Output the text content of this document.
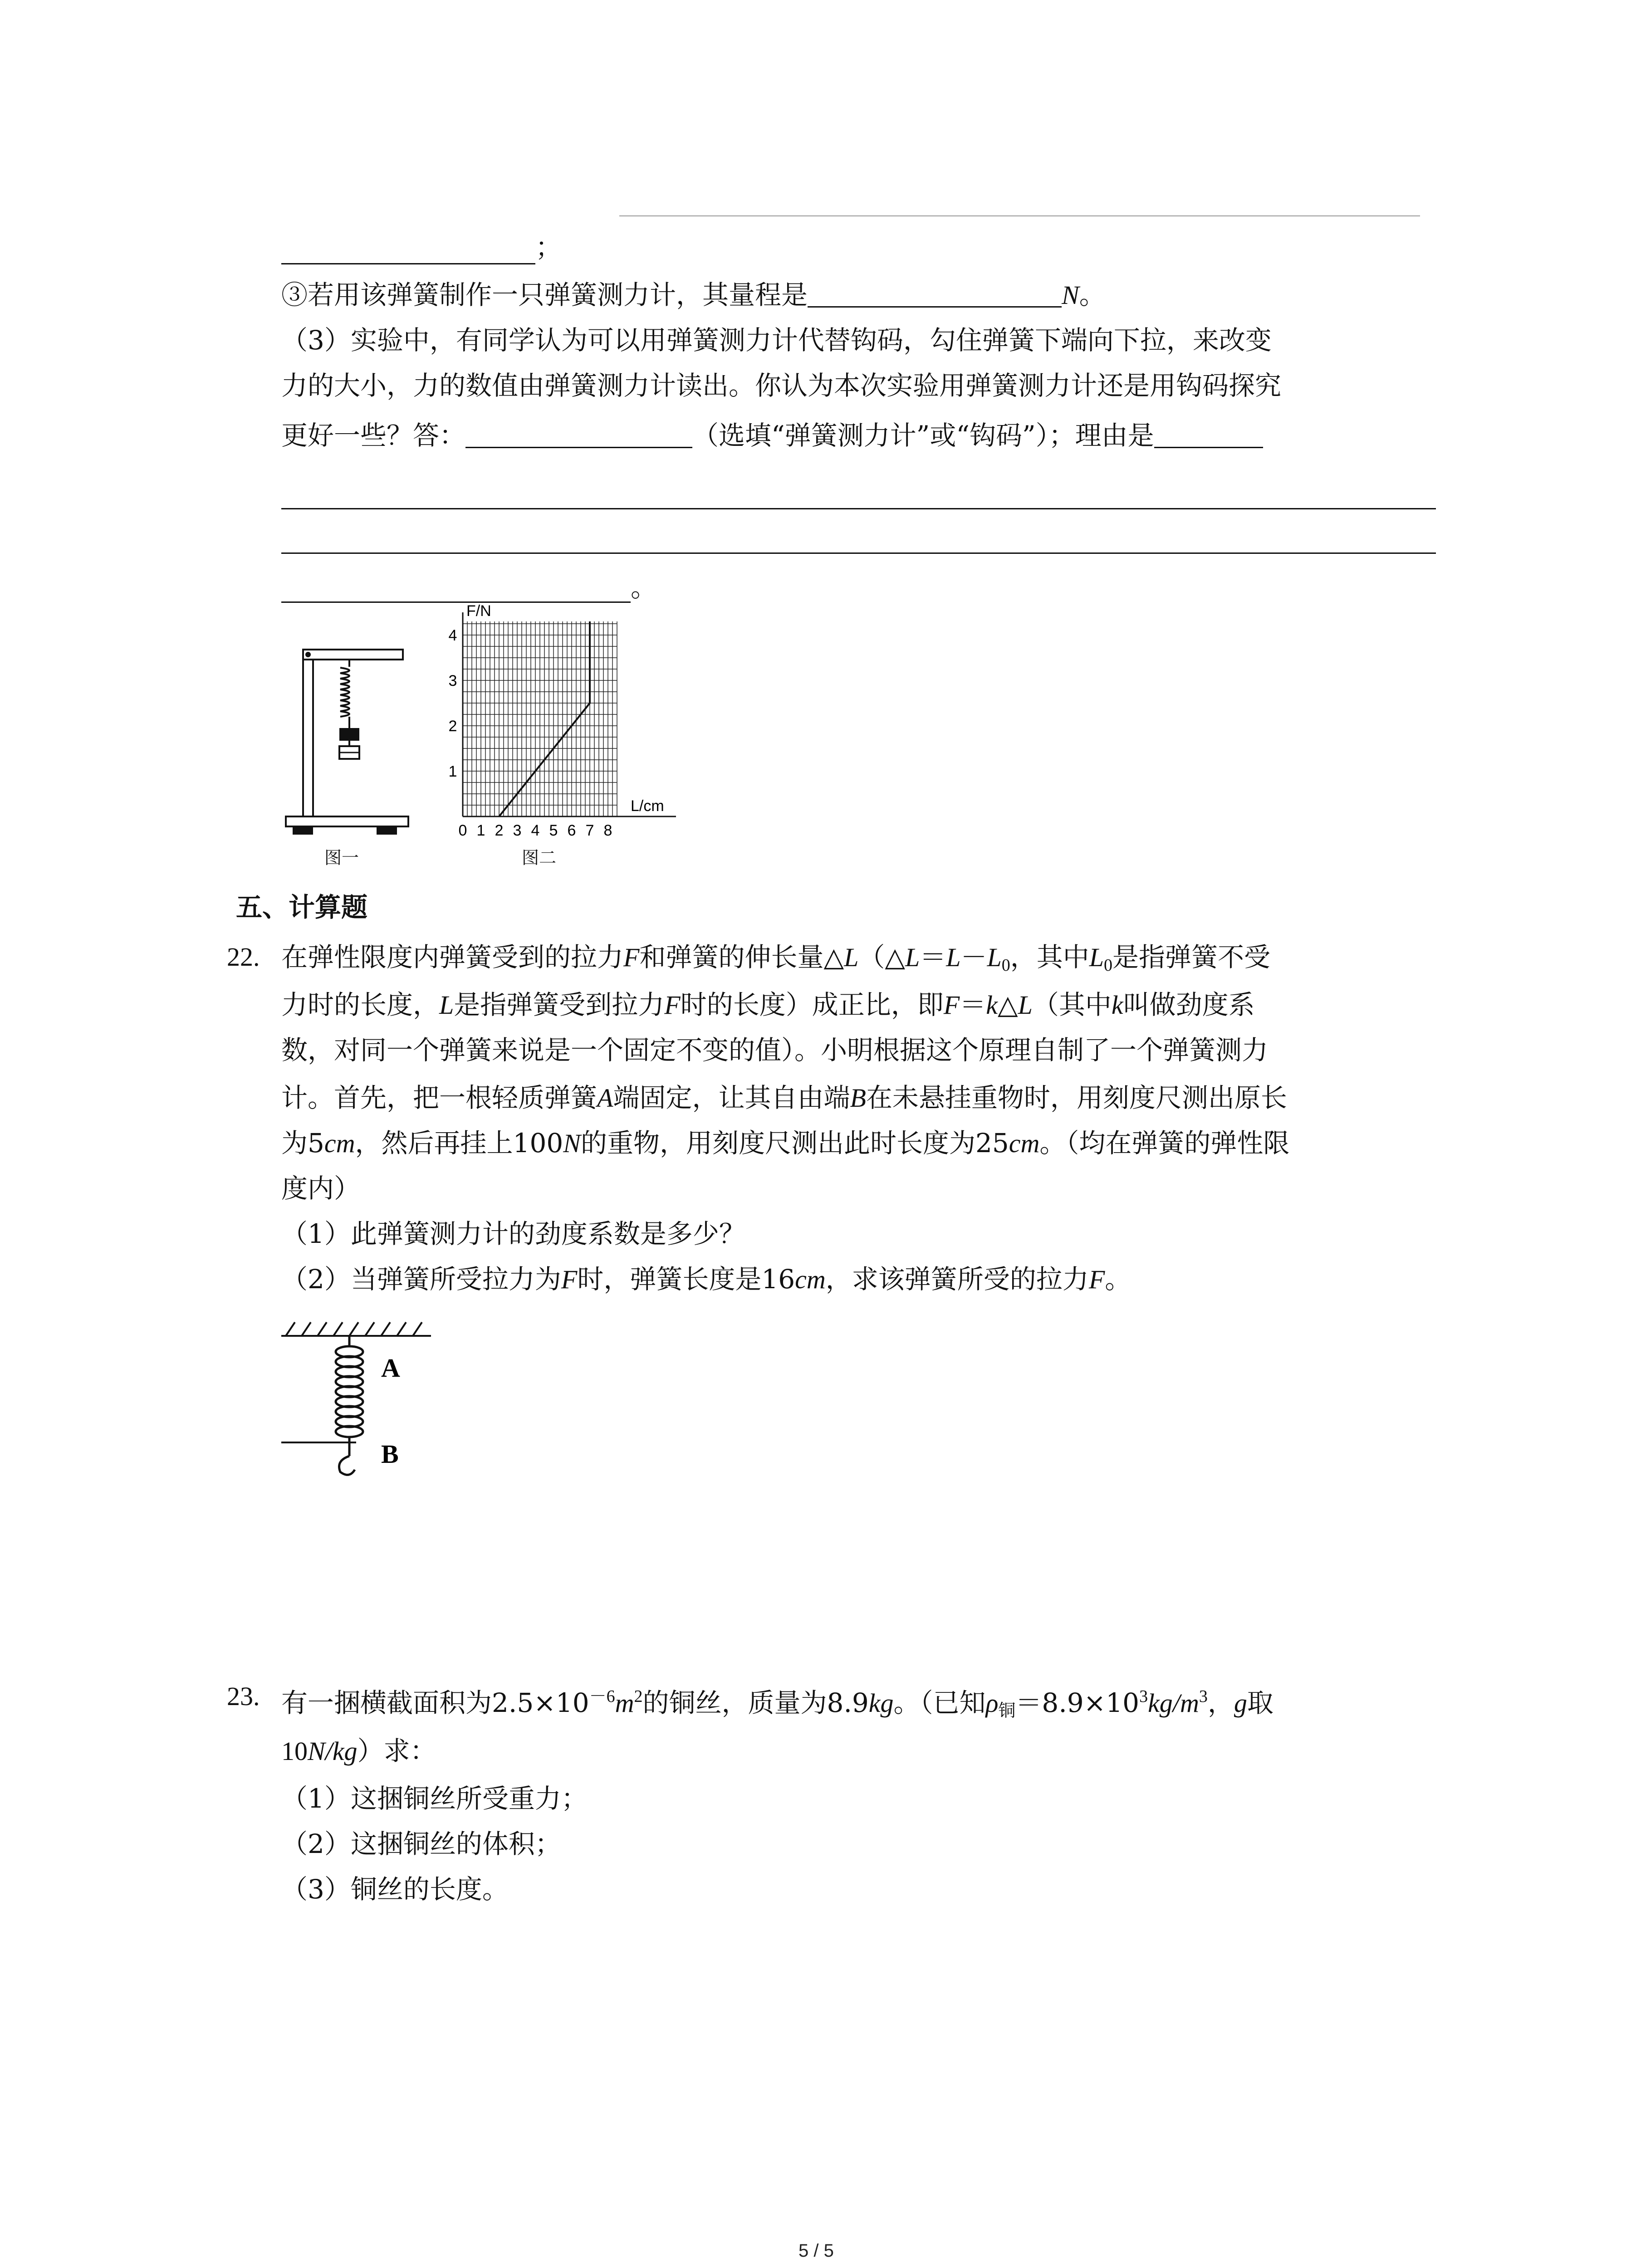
；
③若用该弹簧制作一只弹簧测力计，其量程是	N。
（3）实验中，有同学认为可以用弹簧测力计代替钩码，勾住弹簧下端向下拉，来改变
力的大小，力的数值由弹簧测力计读出。你认为本次实验用弹簧测力计还是用钩码探究
更好一些？答：	（选填“弹簧测力计”或“钩码”）；理由是
。
图一
0 1 2 3 4 5 6 7 8
1
2
3
4
F/N
L/cm
图二
五、计算题
22. 在弹性限度内弹簧受到的拉力F和弹簧的伸长量$\triangle L(\triangle L=L-L_0$，其中$L_0$是指弹簧不受
力时的长度，L是指弹簧受到拉力F时的长度）成正比，即F＝k△L（其中k叫做劲度系
数，对同一个弹簧来说是一个固定不变的值）。小明根据这个原理自制了一个弹簧测力
计。首先，把一根轻质弹簧A端固定，让其自由端B在未悬挂重物时，用刻度尺测出原长
为5cm，然后再挂上100N的重物，用刻度尺测出此时长度为25cm。（均在弹簧的弹性限
度内）
（1）此弹簧测力计的劲度系数是多少？
（2）当弹簧所受拉力为F时，弹簧长度是16cm，求该弹簧所受的拉力F。
A
B
23. 有一捆横截面积为$2.5\times 10^{-6}m^2$的铜丝，质量为8.9kg。（已知$\rho_铜=8.9\times 10^3kg/m^3$，g取
10N/kg）求：
（1）这捆铜丝所受重力；
（2）这捆铜丝的体积；
（3）铜丝的长度。
5 / 5
